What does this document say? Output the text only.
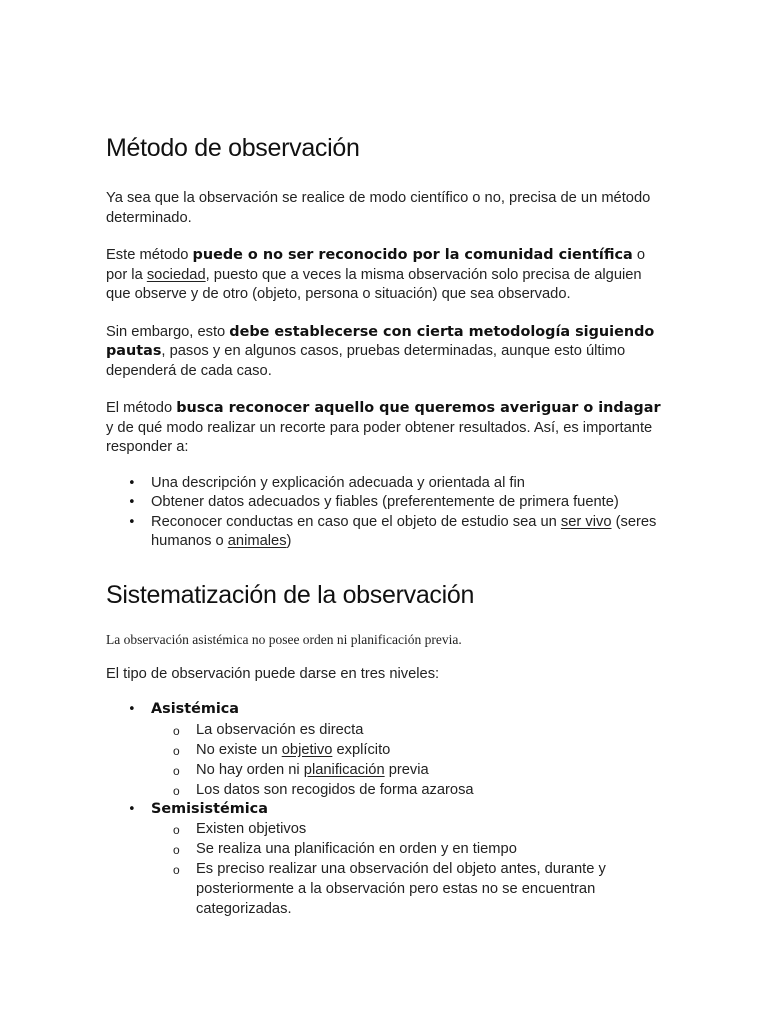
Método de observación

Ya sea que la observación se realice de modo científico o no, precisa de un método determinado.

Este método puede o no ser reconocido por la comunidad científica o por la sociedad, puesto que a veces la misma observación solo precisa de alguien que observe y de otro (objeto, persona o situación) que sea observado.

Sin embargo, esto debe establecerse con cierta metodología siguiendo pautas, pasos y en algunos casos, pruebas determinadas, aunque esto último dependerá de cada caso.

El método busca reconocer aquello que queremos averiguar o indagar y de qué modo realizar un recorte para poder obtener resultados. Así, es importante responder a:

• Una descripción y explicación adecuada y orientada al fin
• Obtener datos adecuados y fiables (preferentemente de primera fuente)
• Reconocer conductas en caso que el objeto de estudio sea un ser vivo (seres humanos o animales)
Sistematización de la observación

La observación asistémica no posee orden ni planificación previa.

El tipo de observación puede darse en tres niveles:

• Asistémica
o La observación es directa
o No existe un objetivo explícito
o No hay orden ni planificación previa
o Los datos son recogidos de forma azarosa
• Semisistémica
o Existen objetivos
o Se realiza una planificación en orden y en tiempo
o Es preciso realizar una observación del objeto antes, durante y posteriormente a la observación pero estas no se encuentran categorizadas.
